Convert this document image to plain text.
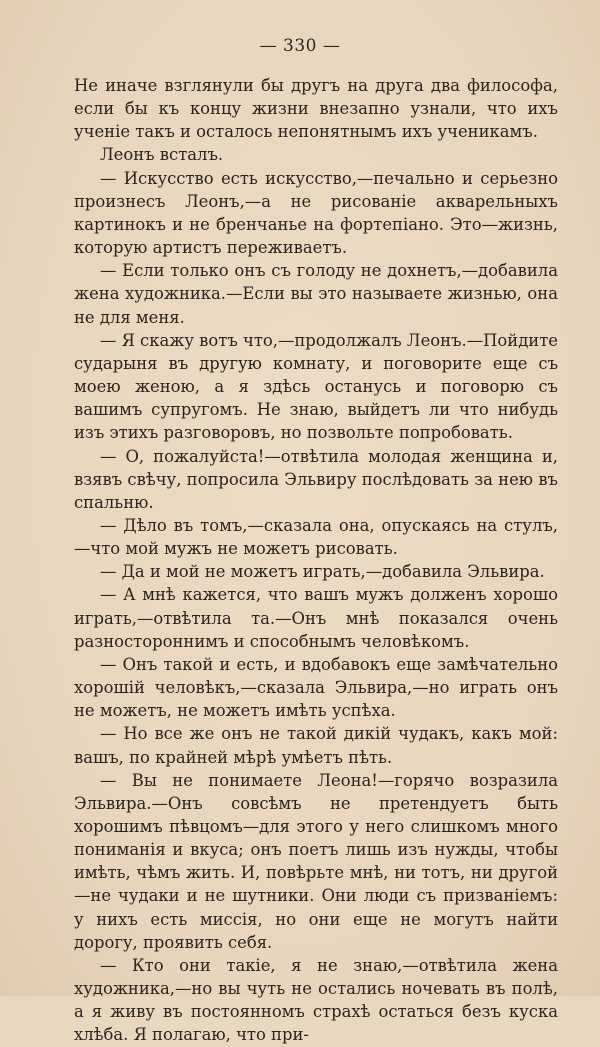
— 330 —

Не иначе взглянули бы другъ на друга два философа, если бы къ концу жизни внезапно узнали, что ихъ ученіе такъ и осталось непонятнымъ ихъ ученикамъ.

Леонъ всталъ.

— Искусство есть искусство,—печально и серьезно произнесъ Леонъ,—а не рисованіе акварельныхъ картинокъ и не бренчанье на фортепіано. Это—жизнь, которую артистъ переживаетъ.

— Если только онъ съ голоду не дохнетъ,—добавила жена художника.—Если вы это называете жизнью, она не для меня.

— Я скажу вотъ что,—продолжалъ Леонъ.—Пойдите сударыня въ другую комнату, и поговорите еще съ моею женою, а я здѣсь останусь и поговорю съ вашимъ супругомъ. Не знаю, выйдетъ ли что нибудь изъ этихъ разговоровъ, но позвольте попробовать.

— О, пожалуйста!—отвѣтила молодая женщина и, взявъ свѣчу, попросила Эльвиру послѣдовать за нею въ спальню.

— Дѣло въ томъ,—сказала она, опускаясь на стулъ,—что мой мужъ не можетъ рисовать.

— Да и мой не можетъ играть,—добавила Эльвира.

— А мнѣ кажется, что вашъ мужъ долженъ хорошо играть,—отвѣтила та.—Онъ мнѣ показался очень разностороннимъ и способнымъ человѣкомъ.

— Онъ такой и есть, и вдобавокъ еще замѣчательно хорошій человѣкъ,—сказала Эльвира,—но играть онъ не можетъ, не можетъ имѣть успѣха.

— Но все же онъ не такой дикій чудакъ, какъ мой: вашъ, по крайней мѣрѣ умѣетъ пѣть.

— Вы не понимаете Леона!—горячо возразила Эльвира.—Онъ совсѣмъ не претендуетъ быть хорошимъ пѣвцомъ—для этого у него слишкомъ много пониманія и вкуса; онъ поетъ лишь изъ нужды, чтобы имѣть, чѣмъ жить. И, повѣрьте мнѣ, ни тотъ, ни другой—не чудаки и не шутники. Они люди съ призваніемъ: у нихъ есть миссія, но они еще не могутъ найти дорогу, проявить себя.

— Кто они такіе, я не знаю,—отвѣтила жена художника,—но вы чуть не остались ночевать въ полѣ, а я живу въ постоянномъ страхѣ остаться безъ куска хлѣба. Я полагаю, что при-
